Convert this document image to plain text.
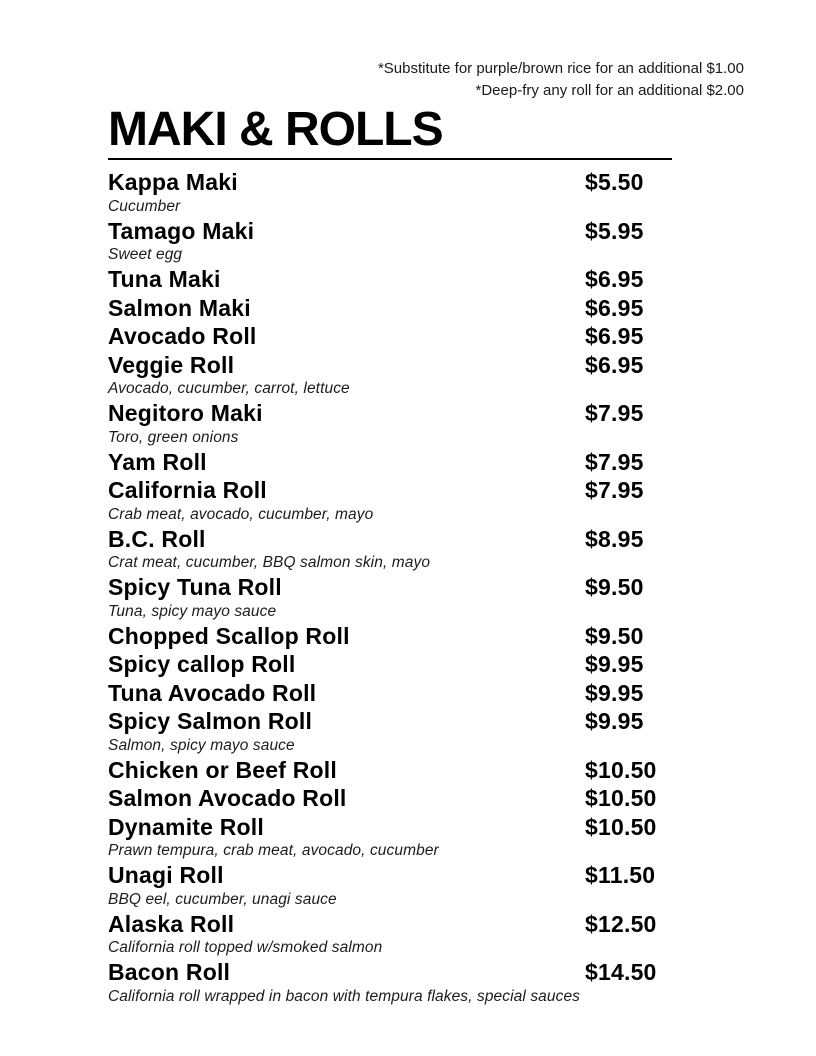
*Substitute for purple/brown rice for an additional $1.00
*Deep-fry any roll for an additional $2.00
MAKI & ROLLS
Kappa Maki	$5.50
Cucumber
Tamago Maki	$5.95
Sweet egg
Tuna Maki	$6.95
Salmon Maki	$6.95
Avocado Roll	$6.95
Veggie Roll	$6.95
Avocado, cucumber, carrot, lettuce
Negitoro Maki	$7.95
Toro, green onions
Yam Roll	$7.95
California Roll	$7.95
Crab meat, avocado, cucumber, mayo
B.C. Roll	$8.95
Crat meat, cucumber, BBQ salmon skin, mayo
Spicy Tuna Roll	$9.50
Tuna, spicy mayo sauce
Chopped Scallop Roll	$9.50
Spicy callop Roll	$9.95
Tuna Avocado Roll	$9.95
Spicy Salmon Roll	$9.95
Salmon, spicy mayo sauce
Chicken or Beef Roll	$10.50
Salmon Avocado Roll	$10.50
Dynamite Roll	$10.50
Prawn tempura, crab meat, avocado, cucumber
Unagi Roll	$11.50
BBQ eel, cucumber, unagi sauce
Alaska Roll	$12.50
California roll topped w/smoked salmon
Bacon Roll	$14.50
California roll wrapped in bacon with tempura flakes, special sauces
